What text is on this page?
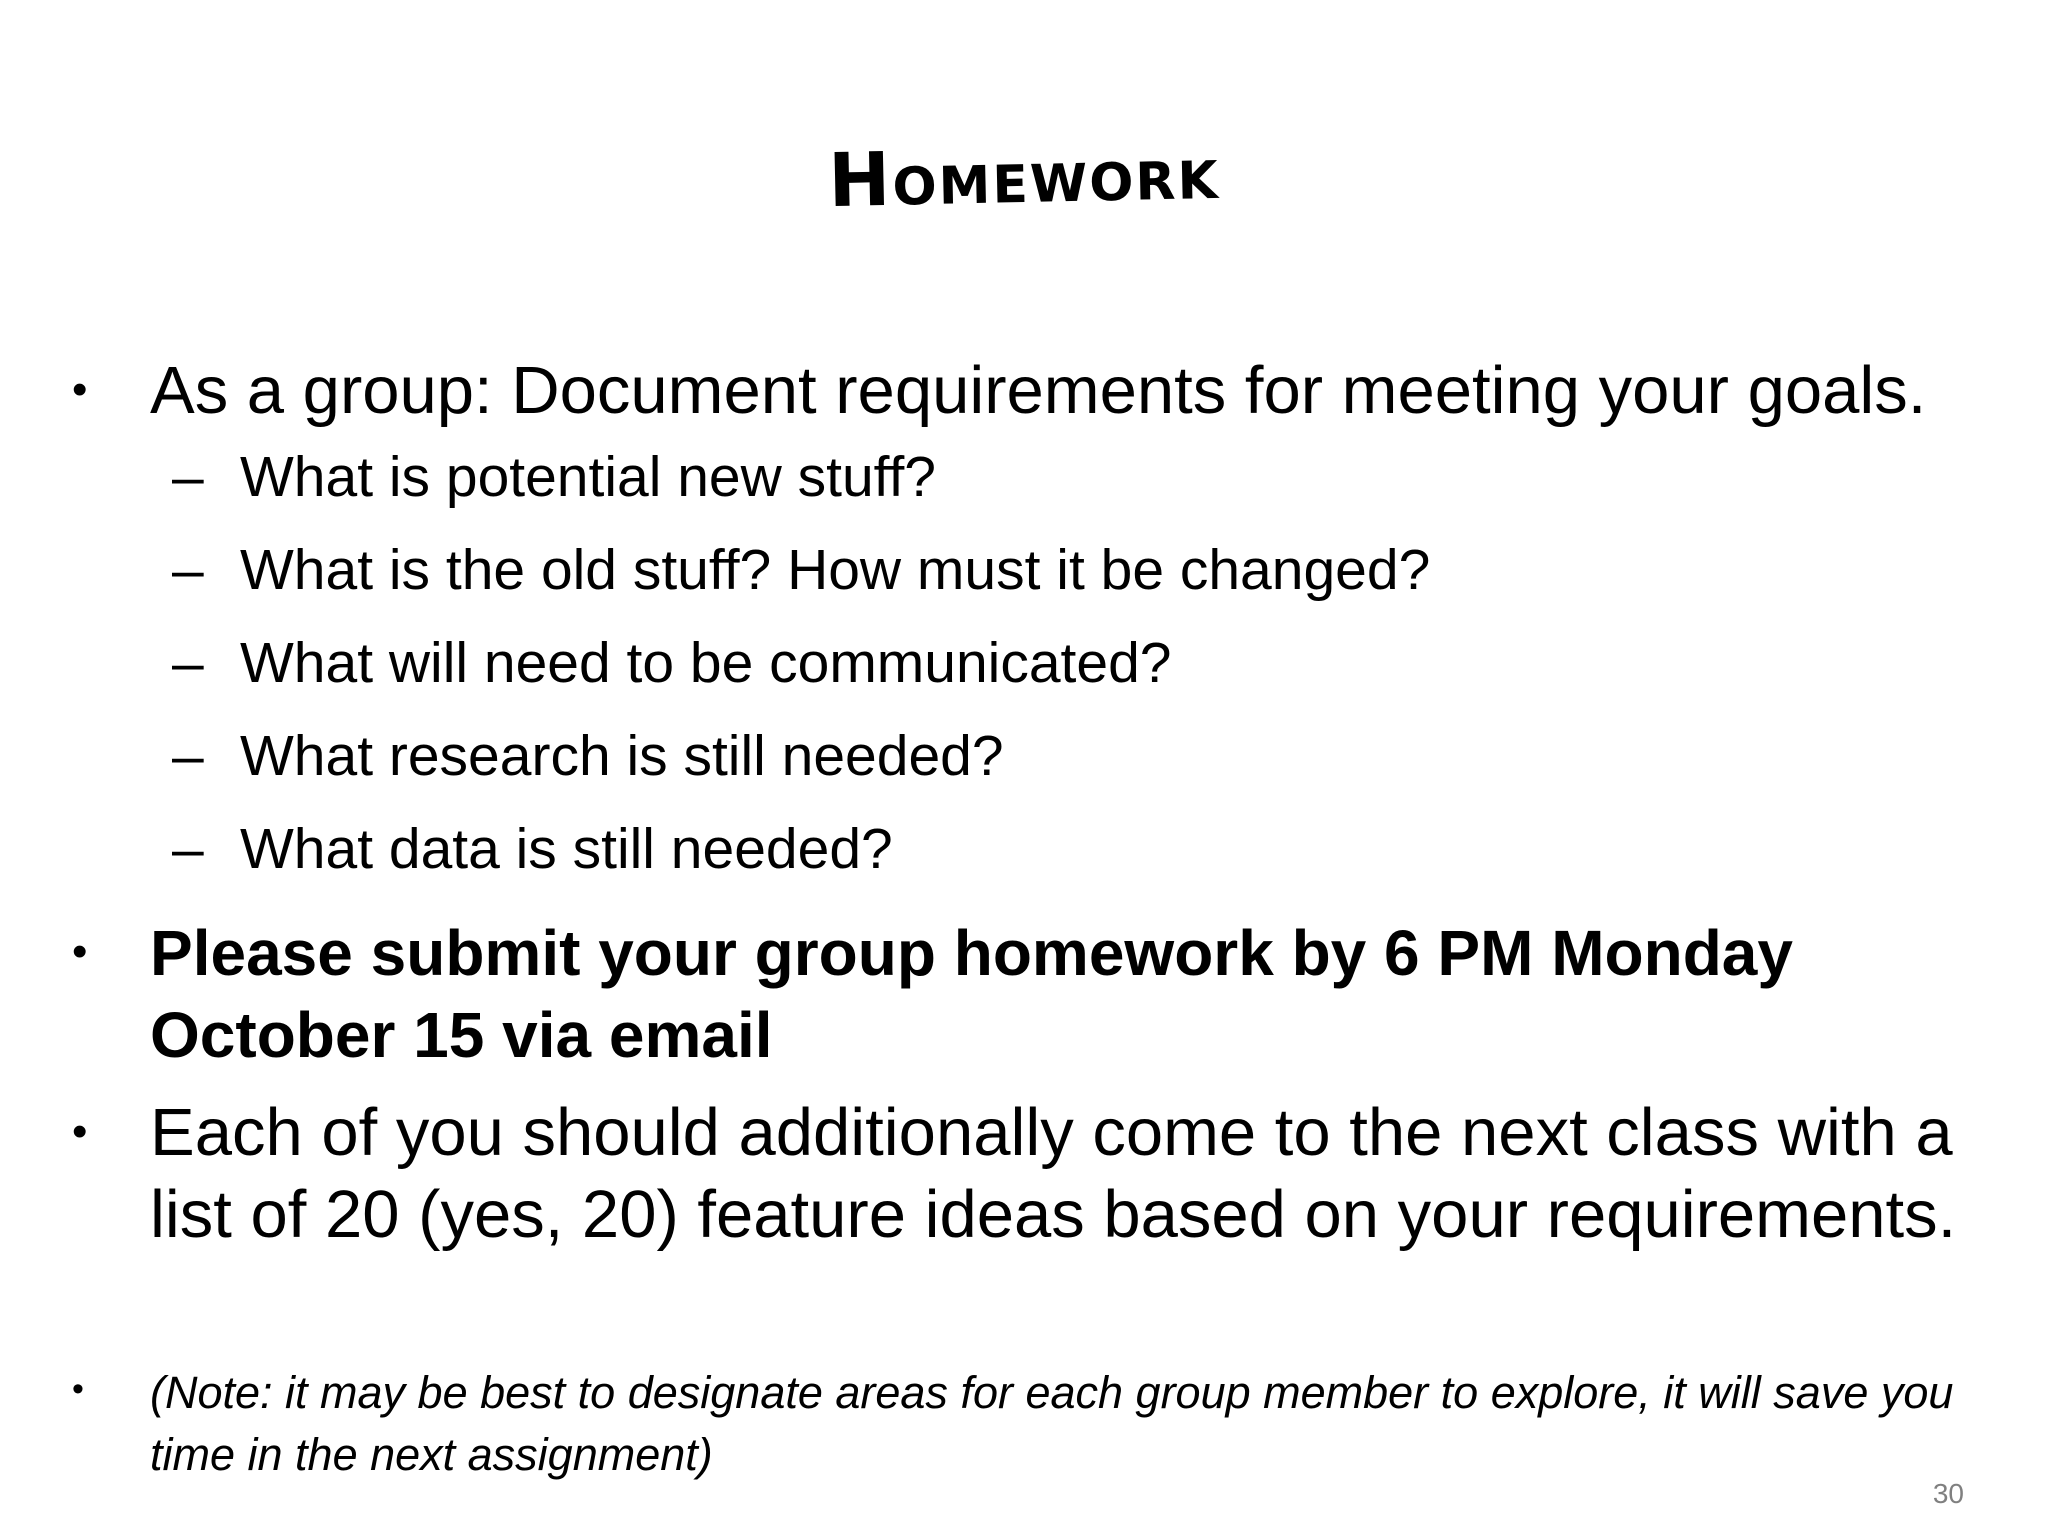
Homework
• As a group: Document requirements for meeting your goals.
– What is potential new stuff?
– What is the old stuff? How must it be changed?
– What will need to be communicated?
– What research is still needed?
– What data is still needed?
• Please submit your group homework by 6 PM Monday October 15 via email
• Each of you should additionally come to the next class with a list of 20 (yes, 20) feature ideas based on your requirements.
• (Note: it may be best to designate areas for each group member to explore, it will save you time in the next assignment)
30
